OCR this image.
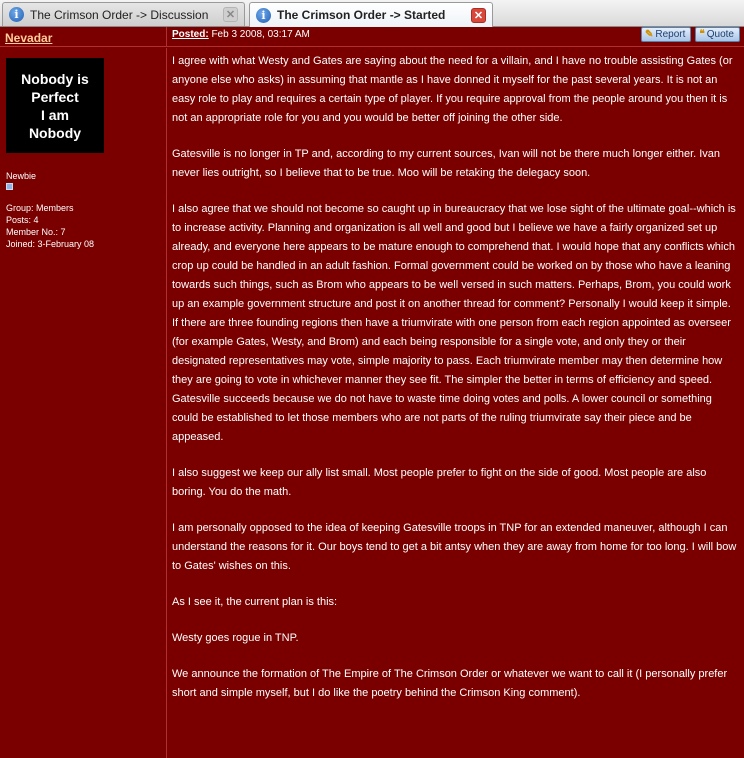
i The Crimson Order -> Discussion	✕	i The Crimson Order -> Started	✕
Nevadar	Posted: Feb 3 2008, 03:17 AM	✎ Report ❝ Quote
Nobody is
Perfect
I am
Nobody
Newbie
Group: Members
Posts: 4
Member No.: 7
Joined: 3-February 08

I agree with what Westy and Gates are saying about the need for a villain, and I have no trouble assisting Gates (or anyone else who asks) in assuming that mantle as I have donned it myself for the past several years. It is not an easy role to play and requires a certain type of player. If you require approval from the people around you then it is not an appropriate role for you and you would be better off joining the other side.

Gatesville is no longer in TP and, according to my current sources, Ivan will not be there much longer either. Ivan never lies outright, so I believe that to be true. Moo will be retaking the delegacy soon.

I also agree that we should not become so caught up in bureaucracy that we lose sight of the ultimate goal--which is to increase activity. Planning and organization is all well and good but I believe we have a fairly organized set up already, and everyone here appears to be mature enough to comprehend that. I would hope that any conflicts which crop up could be handled in an adult fashion. Formal government could be worked on by those who have a leaning towards such things, such as Brom who appears to be well versed in such matters. Perhaps, Brom, you could work up an example government structure and post it on another thread for comment? Personally I would keep it simple. If there are three founding regions then have a triumvirate with one person from each region appointed as overseer (for example Gates, Westy, and Brom) and each being responsible for a single vote, and only they or their designated representatives may vote, simple majority to pass. Each triumvirate member may then determine how they are going to vote in whichever manner they see fit. The simpler the better in terms of efficiency and speed. Gatesville succeeds because we do not have to waste time doing votes and polls. A lower council or something could be established to let those members who are not parts of the ruling triumvirate say their piece and be appeased.

I also suggest we keep our ally list small. Most people prefer to fight on the side of good. Most people are also boring. You do the math.

I am personally opposed to the idea of keeping Gatesville troops in TNP for an extended maneuver, although I can understand the reasons for it. Our boys tend to get a bit antsy when they are away from home for too long. I will bow to Gates' wishes on this.

As I see it, the current plan is this:

Westy goes rogue in TNP.

We announce the formation of The Empire of The Crimson Order or whatever we want to call it (I personally prefer short and simple myself, but I do like the poetry behind the Crimson King comment).
